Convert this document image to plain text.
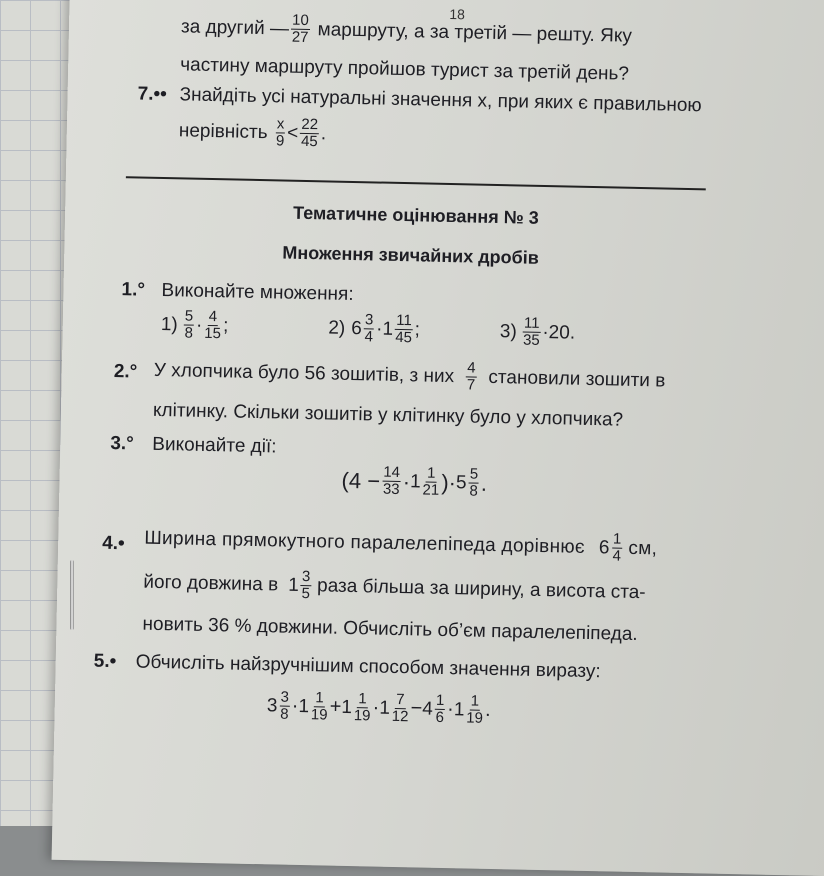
18
за другий — $\frac{10}{27}$ маршруту, а за третій — решту. Яку
частину маршруту пройшов турист за третій день?
7.•• Знайдіть усі натуральні значення x, при яких є правильною
нерівність $\frac{x}{9} < \frac{22}{45}$ .
Тематичне оцінювання № 3
Множення звичайних дробів
1.° Виконайте множення:
$1) \frac{5}{8} \cdot \frac{4}{15}$ ;	2) $6 \frac{3}{4} \cdot 1 \frac{11}{45}$ ;	$3) \frac{11}{35} \cdot 20$.
2.° У хлопчика було 56 зошитів, з них $\frac{4}{7}$ становили зошити в
клітинку. Скільки зошитів у клітинку було у хлопчика?
3.° Виконайте дії:
($4 - \frac{14}{33} \cdot 1 \frac{1}{21}$ ) · $5 \frac{5}{8}$ .
4.• Ширина прямокутного паралелепіпеда дорівнює $6 \frac{1}{4}$ см,
його довжина в $1 \frac{3}{5}$ раза більша за ширину, а висота ста-
новить 36 % довжини. Обчисліть об’єм паралелепіпеда.
5.• Обчисліть найзручнішим способом значення виразу:
$3 \frac{3}{8} \cdot 1 \frac{1}{19} + 1 \frac{1}{19} \cdot 1 \frac{7}{12} - 4 \frac{1}{6} \cdot 1 \frac{1}{19}$ .
